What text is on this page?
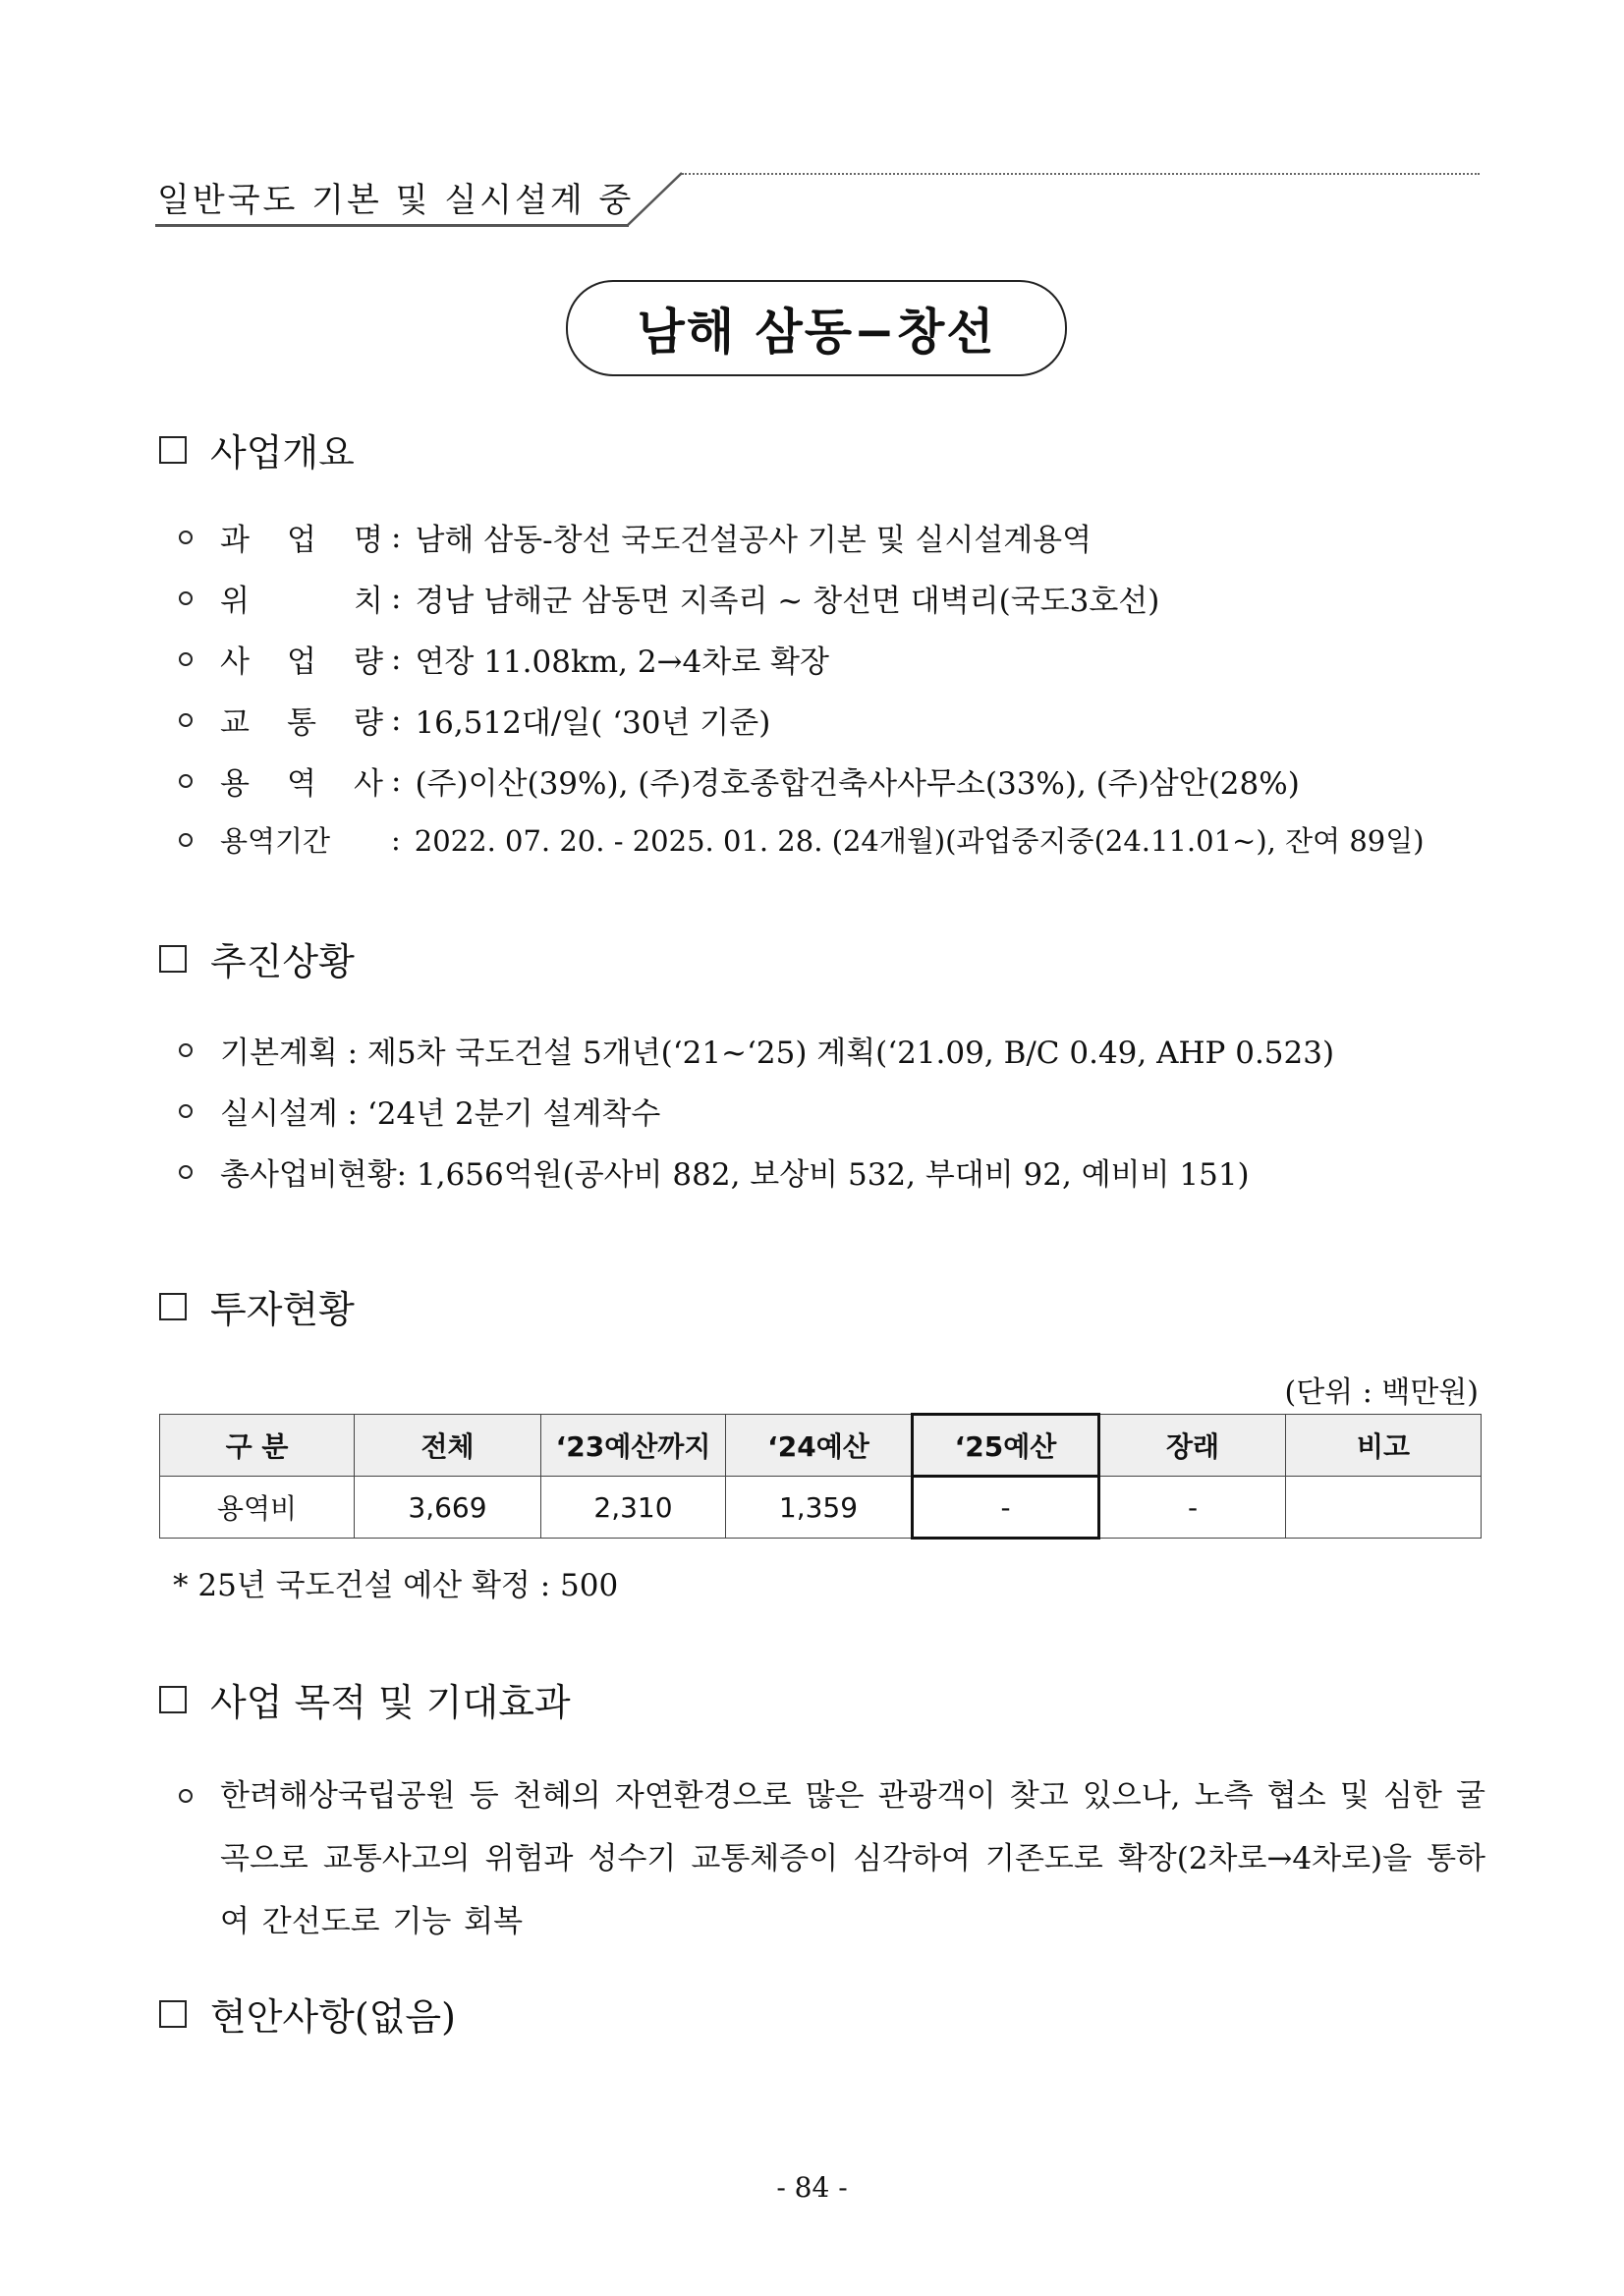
일반국도 기본 및 실시설계 중
남해 삼동−창선
사업개요
과 업 명 : 남해 삼동-창선 국도건설공사 기본 및 실시설계용역
위 치 : 경남 남해군 삼동면 지족리 ~ 창선면 대벽리(국도3호선)
사 업 량 : 연장 11.08km, 2→4차로 확장
교 통 량 : 16,512대/일( ‘30년 기준)
용 역 사 : (주)이산(39%), (주)경호종합건축사사무소(33%), (주)삼안(28%)
용역기간	: 2022. 07. 20. - 2025. 01. 28. (24개월)(과업중지중(24.11.01~), 잔여 89일)
추진상황
기본계획 : 제5차 국도건설 5개년(‘21~‘25) 계획(‘21.09, B/C 0.49, AHP 0.523)
실시설계 : ‘24년 2분기 설계착수
총사업비현황: 1,656억원(공사비 882, 보상비 532, 부대비 92, 예비비 151)
투자현황
(단위 : 백만원)
구 분	전체	‘23예산까지	‘24예산	‘25예산	장래	비고
용역비	3,669	2,310	1,359	-	-	
* 25년 국도건설 예산 확정 : 500
사업 목적 및 기대효과
한려해상국립공원 등 천혜의 자연환경으로 많은 관광객이 찾고 있으나, 노측 협소 및 심한 굴곡으로 교통사고의 위험과 성수기 교통체증이 심각하여 기존도로 확장(2차로→4차로)을 통하여 간선도로 기능 회복
현안사항(없음)
- 84 -
